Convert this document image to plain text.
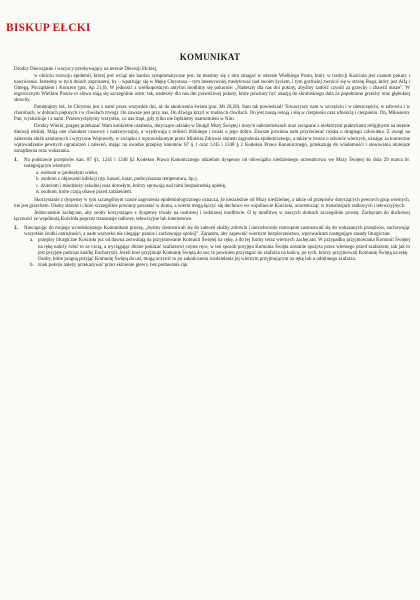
BISKUP EŁCKI
KOMUNIKAT

Drodzy Diecezjanie i wszyscy przebywający na terenie Diecezji Ełckiej,

w obliczu rozwoju epidemii, której jest wciąż nie bardzo symptomatyczne jest, że musimy się z nim zmagać w okresie Wielkiego Postu, który w tradycji Kościoła jest czasem pokuty i nawrócenia. Jesteśmy w tych dniach zaproszeni, by – wpatrując się w Mękę Chrystusa – tym intensywniej medytować nad swoim życiem, i tym gorliwiej zwrócić się w stronę Boga, który jest Alfą i Omegą, Początkiem i Końcem (por. Ap 21,6). W jedności z wielkopostnym antyfon modlimy się pokornie: „Nadeszły dla nas dni pokuty, abyśmy zadość czynili za grzechy i zbawili dusze”. W tegorocznym Wielkim Poście to słowa stają się szczególnie ostre: tak, nadeszły dla nas dni prawdziwej pokuty, które powinny być okazją do skrobiskiego dala za popełnione grzechy oraz głębokiej skruchy.

Pamiętajmy też, że Chrystus jest z nami przez wszystkie dni, aż do skończenia świata (por. Mt 28,20). Sam tak powiedział! Towarzyszy nam w szczęściu i w nieszczęściu, w zdrowiu i w chorobach, w dobrach pięknych i w chwilach trwogi. On zawsze jest przy nas, On dźwiga krzyż w trudnych chwilach. On jest naszą ostoją i siłą w cierpieniu oraz ufnością i cierpieniu. On, Miłosierny Pan, wysłuchuje i z nami. Przezwyciężymy wszystko, co nas trapi, gdy tylko nie będziemy osamotnieni w Nim.

Drodzy Wierni, pragnę przekazać Wam konkretne ustalenia, dotyczące udziału w liturgii Mszy Świętej i innych nabożeństwach oraz związane z niektórymi praktykami religijnymi na terenie diecezji ełckiej. Mają one charakter czasowy i nadzwyczajny, a wypływają z miłości bliźniego i troski o jego dobro. Zawsze powinna nam przyświecać troska o drugiego człowieka. Z uwagi na zalecenia służb sanitarnych i wytyczne Wojewody, w związku z wprowadzonym przez Ministra Zdrowia stanem zagrożenia epidemicznego, a także w trosce o zdrowie wiernych, uznając za konieczne wprowadzenie pewnych ograniczeń i zaleceń, mając na uwadze przepisy kanonów 87 § 1 oraz 1245 i 1248 § 2 Kodeksu Prawa Kanonicznego, przekazuję do wiadomości i stosowania niniejsze zarządzenia oraz wskazania.

1.	Na podstawie przepisów kan. 87 §1, 1245 i 1248 §2 Kodeksu Prawa Kanonicznego udzielam dyspensy od obowiązku niedzielnego uczestnictwa we Mszy Świętej do dnia 29 marca br. następującym wiernym:
a. osobom w podeszłym wieku,
b. osobom z objawami infekcji (np. kaszel, katar, podwyższona temperatura, itp.),
c. dzieciom i młodzieży szkolnej oraz dorosłym, którzy sprawują nad nimi bezpośrednią opiekę,
d. osobom, które czują obawę przed zarażeniem.

Skorzystanie z dyspensy w tym szczególnym czasie zagrożenia epidemiologicznego oznacza, że niezależnie od Mszy niedzielnej, a także od przepisów dotyczących pewnych grup wiernych, nie jest grzechem. Osoby starsze i chore szczególnie powinny pozostać w domu, a wierni mogą łączyć się duchowo we wspólnocie Kościoła, uczestnicząc w transmisjach radiowych i telewizyjnych.

Jednocześnie zachęcam, aby osoby korzystające z dyspensy trwały na osobistej i rodzinnej modlitwie. O tę modlitwę w naszych domach szczególnie proszę. Zachęcam do duchowej łączności ze wspólnotą Kościoła poprzez transmisje radiowe, telewizyjne lub internetowe.

2.	Nawiązując do mojego wcześniejszego Komunikatu proszę, „byśmy dostosowali się do zaleceń służby zdrowia i niezwłocznie roztropnie zastosowali się do wskazanych przepisów, zachowując wszystkie środki ostrożności, a nade wszystko nie ulegając panice i zachowując spokój”. Zarazem, aby zapewnić wiernym bezpieczeństwo, wprowadzam następujące zasady liturgiczne:
a. przepisy liturgiczne Kościoła już od dawna zezwalają na przyjmowanie Komunii Świętej na rękę, a do tej formy teraz wiernych zachęcam. W przypadku przyjmowania Komunii Świętej na rękę należy robić to ze czcią, a wyciągając dłonie pokazać szafarzowi czyste ręce, w ten sposób przyjęta Komunia Święta zostanie spożyta przez wiernego przed szafarzem, tak jak to jest przyjęte podczas każdej Eucharystii. Jeżeli ktoś przyjmuje Komunię Świętą do ust, to powinien przystąpić do szafarza na końcu, po tych, którzy przyjmowali Komunię Świętą na rękę.
Osoby, które pragną przyjąć Komunię Świętą do ust, mogą uczynić to po zakończeniu rozdzielania jej wiernym przyjmującym na rękę lub u odrębnego szafarza.
b. znak pokoju należy przekazywać przez skinienie głowy, bez podawania rąk.
